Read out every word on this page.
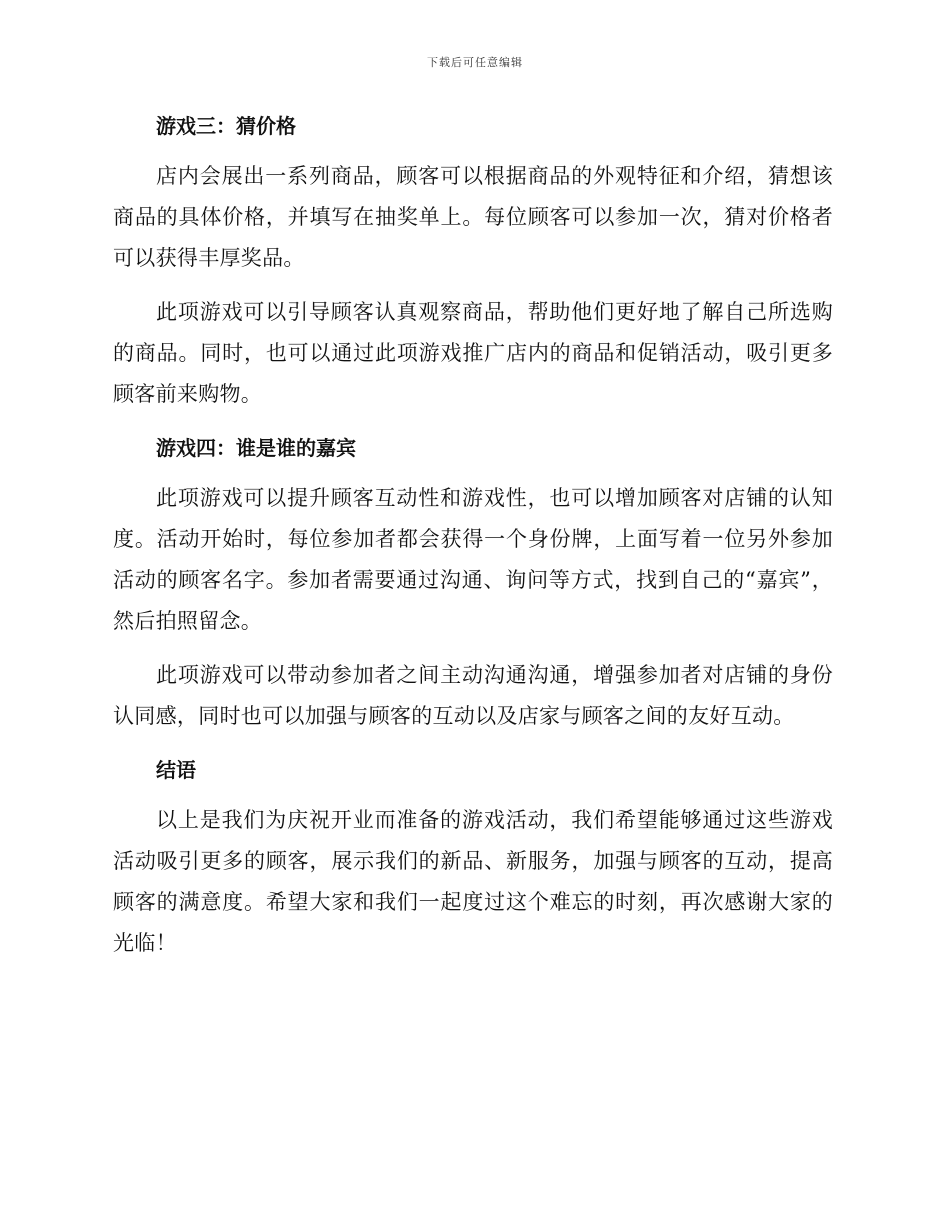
下载后可任意编辑
游戏三：猜价格

店内会展出一系列商品，顾客可以根据商品的外观特征和介绍，猜想该商品的具体价格，并填写在抽奖单上。每位顾客可以参加一次，猜对价格者可以获得丰厚奖品。

此项游戏可以引导顾客认真观察商品，帮助他们更好地了解自己所选购的商品。同时，也可以通过此项游戏推广店内的商品和促销活动，吸引更多顾客前来购物。

游戏四：谁是谁的嘉宾

此项游戏可以提升顾客互动性和游戏性，也可以增加顾客对店铺的认知度。活动开始时，每位参加者都会获得一个身份牌，上面写着一位另外参加活动的顾客名字。参加者需要通过沟通、询问等方式，找到自己的“嘉宾”，然后拍照留念。

此项游戏可以带动参加者之间主动沟通沟通，增强参加者对店铺的身份认同感，同时也可以加强与顾客的互动以及店家与顾客之间的友好互动。

结语

以上是我们为庆祝开业而准备的游戏活动，我们希望能够通过这些游戏活动吸引更多的顾客，展示我们的新品、新服务，加强与顾客的互动，提高顾客的满意度。希望大家和我们一起度过这个难忘的时刻，再次感谢大家的光临！
